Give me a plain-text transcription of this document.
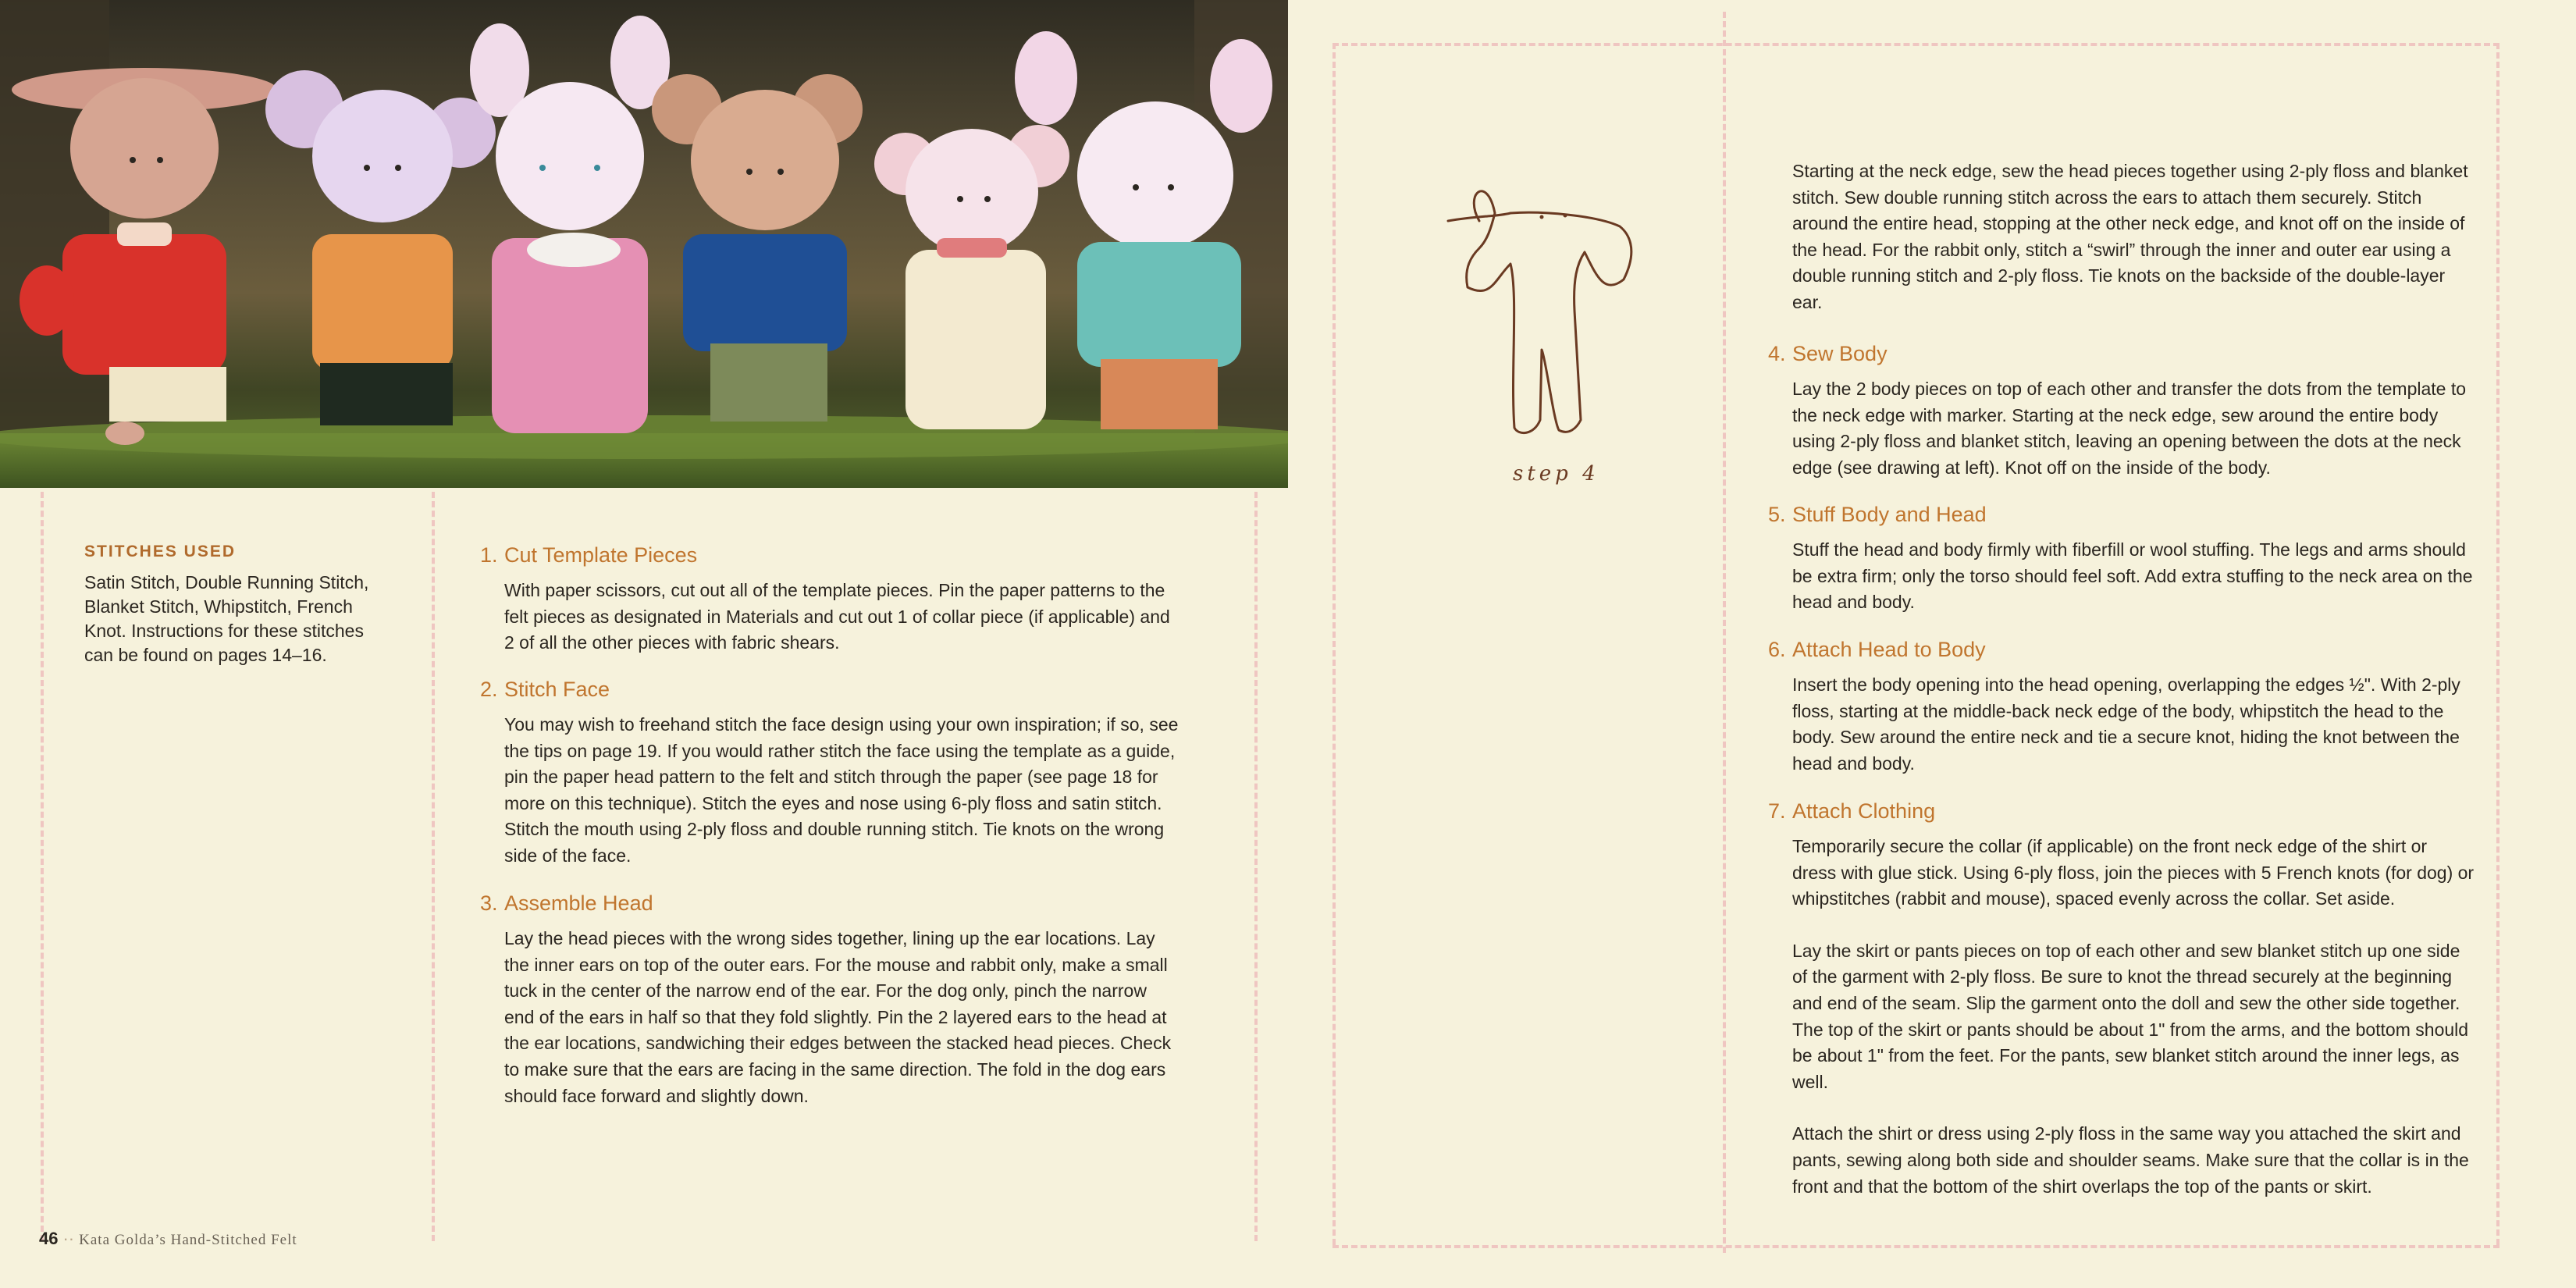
STITCHES USED

Satin Stitch, Double Running Stitch, Blanket Stitch, Whipstitch, French Knot. Instructions for these stitches can be found on pages 14–16.

1. Cut Template Pieces

With paper scissors, cut out all of the template pieces. Pin the paper patterns to the felt pieces as designated in Materials and cut out 1 of collar piece (if applicable) and 2 of all the other pieces with fabric shears.

2. Stitch Face

You may wish to freehand stitch the face design using your own inspiration; if so, see the tips on page 19. If you would rather stitch the face using the template as a guide, pin the paper head pattern to the felt and stitch through the paper (see page 18 for more on this technique). Stitch the eyes and nose using 6-ply floss and satin stitch. Stitch the mouth using 2-ply floss and double running stitch. Tie knots on the wrong side of the face.

3. Assemble Head

Lay the head pieces with the wrong sides together, lining up the ear locations. Lay the inner ears on top of the outer ears. For the mouse and rabbit only, make a small tuck in the center of the narrow end of the ear. For the dog only, pinch the narrow end of the ears in half so that they fold slightly. Pin the 2 layered ears to the head at the ear locations, sandwiching their edges between the stacked head pieces. Check to make sure that the ears are facing in the same direction. The fold in the dog ears should face forward and slightly down.

Starting at the neck edge, sew the head pieces together using 2-ply floss and blanket stitch. Sew double running stitch across the ears to attach them securely. Stitch around the entire head, stopping at the other neck edge, and knot off on the inside of the head. For the rabbit only, stitch a “swirl” through the inner and outer ear using a double running stitch and 2-ply floss. Tie knots on the backside of the double-layer ear.

4. Sew Body

Lay the 2 body pieces on top of each other and transfer the dots from the template to the neck edge with marker. Starting at the neck edge, sew around the entire body using 2-ply floss and blanket stitch, leaving an opening between the dots at the neck edge (see drawing at left). Knot off on the inside of the body.

5. Stuff Body and Head

Stuff the head and body firmly with fiberfill or wool stuffing. The legs and arms should be extra firm; only the torso should feel soft. Add extra stuffing to the neck area on the head and body.

6. Attach Head to Body

Insert the body opening into the head opening, overlapping the edges ½". With 2-ply floss, starting at the middle-back neck edge of the body, whipstitch the head to the body. Sew around the entire neck and tie a secure knot, hiding the knot between the head and body.

7. Attach Clothing

Temporarily secure the collar (if applicable) on the front neck edge of the shirt or dress with glue stick. Using 6-ply floss, join the pieces with 5 French knots (for dog) or whipstitches (rabbit and mouse), spaced evenly across the collar. Set aside.

Lay the skirt or pants pieces on top of each other and sew blanket stitch up one side of the garment with 2-ply floss. Be sure to knot the thread securely at the beginning and end of the seam. Slip the garment onto the doll and sew the other side together. The top of the skirt or pants should be about 1" from the arms, and the bottom should be about 1" from the feet. For the pants, sew blanket stitch around the inner legs, as well.

Attach the shirt or dress using 2-ply floss in the same way you attached the skirt and pants, sewing along both side and shoulder seams. Make sure that the collar is in the front and that the bottom of the shirt overlaps the top of the pants or skirt.

step 4
46 ·· Kata Golda’s Hand-Stitched Felt
